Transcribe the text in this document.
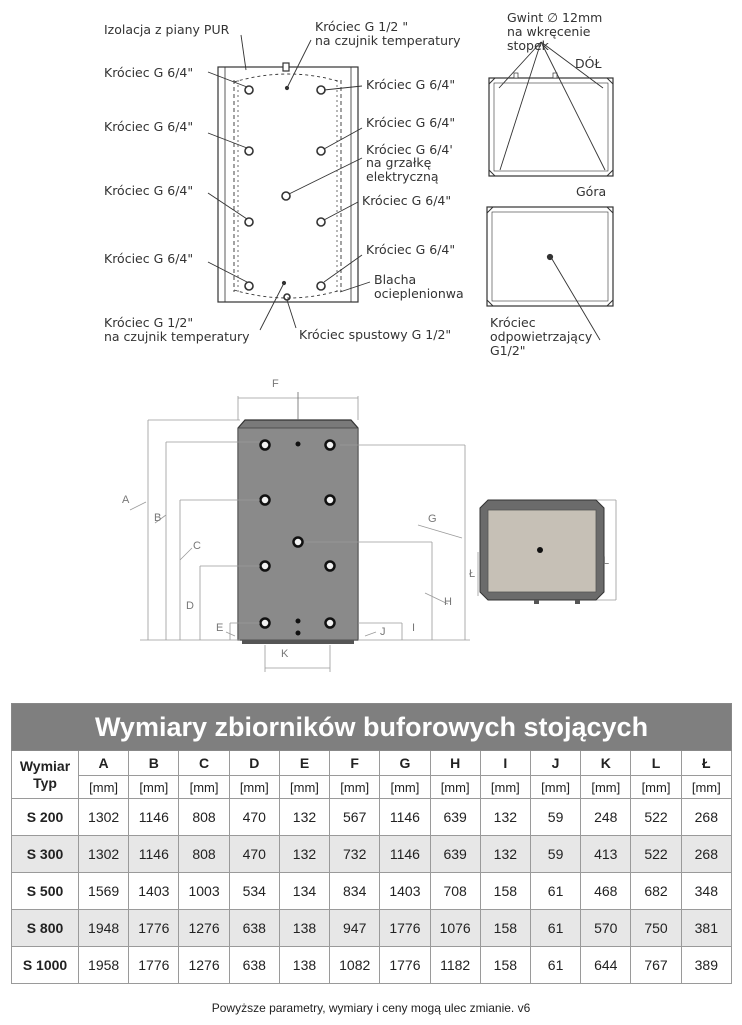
Izolacja z piany PUR
Króciec G 6/4"
Króciec G 6/4"
Króciec G 6/4"
Króciec G 6/4"
Króciec G 1/2 "
na czujnik temperatury
Króciec G 6/4"
Króciec G 6/4"
Króciec G 6/4'
na grzałkę
elektryczną
Króciec G 6/4"
Króciec G 6/4"
Blacha
ocieplenionwa
Króciec G 1/2"
na czujnik temperatury	Króciec spustowy G 1/2"
Gwint ∅ 12mm
na wkręcenie
stopek
DÓŁ
Góra
Króciec
odpowietrzający
G1/2"
A
B
C
D
E
F
G
H
I
J
K
L
Ł
Wymiary zbiorników buforowych stojących													

Wymiar
Typ	A	B	C	D	E	F	G	H	I	J	K	L	Ł
	[mm]	[mm]	[mm]	[mm]	[mm]	[mm]	[mm]	[mm]	[mm]	[mm]	[mm]	[mm]	[mm]
S 200	1302	1146	808	470	132	567	1146	639	132	59	248	522	268
S 300	1302	1146	808	470	132	732	1146	639	132	59	413	522	268
S 500	1569	1403	1003	534	134	834	1403	708	158	61	468	682	348
S 800	1948	1776	1276	638	138	947	1776	1076	158	61	570	750	381
S 1000	1958	1776	1276	638	138	1082	1776	1182	158	61	644	767	389
Powyższe parametry, wymiary i ceny mogą ulec zmianie. v6
